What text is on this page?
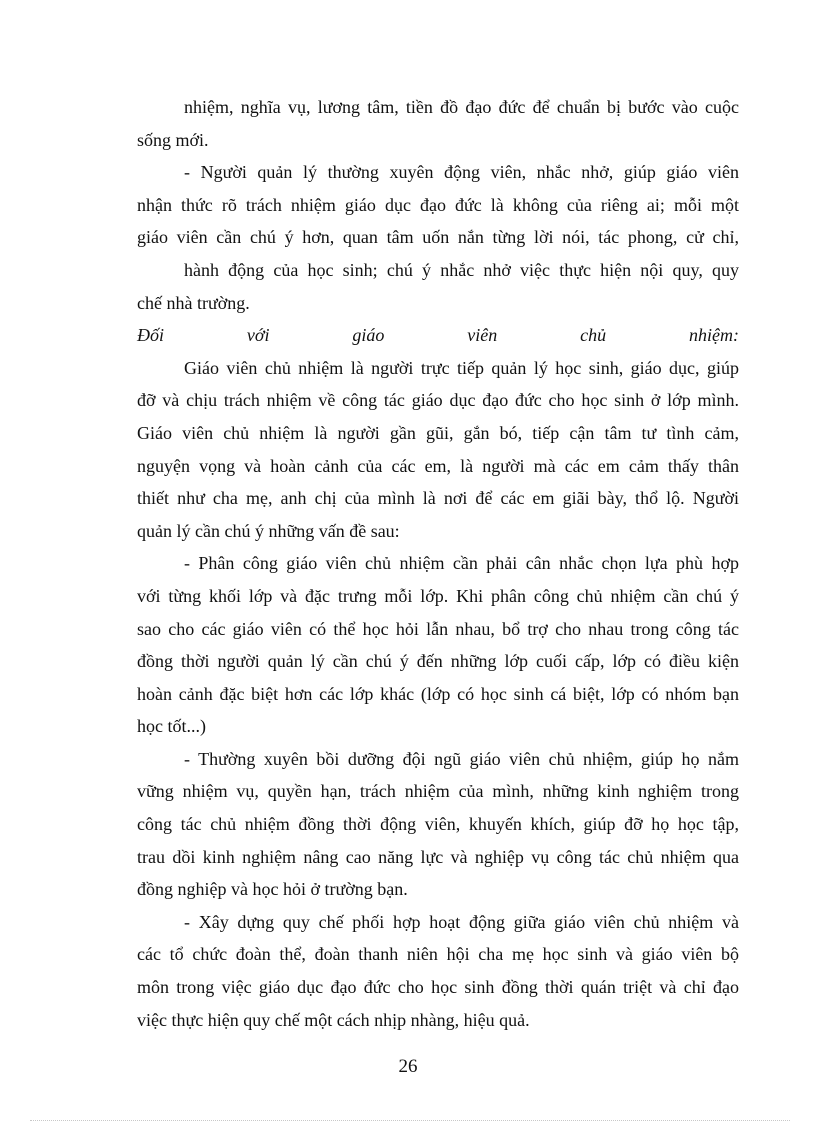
nhiệm, nghĩa vụ, lương tâm, tiền đồ đạo đức để chuẩn bị bước vào cuộc
sống mới.
- Người quản lý thường xuyên động viên, nhắc nhở, giúp giáo viên
nhận thức rõ trách nhiệm giáo dục đạo đức là không của riêng ai; mỗi một
giáo viên cần chú ý hơn, quan tâm uốn nắn từng lời nói, tác phong, cử chỉ,
hành động của học sinh; chú ý nhắc nhở việc thực hiện nội quy, quy
chế nhà trường.
Đối với giáo viên chủ nhiệm:
Giáo viên chủ nhiệm là người trực tiếp quản lý học sinh, giáo dục, giúp
đỡ và chịu trách nhiệm về công tác giáo dục đạo đức cho học sinh ở lớp mình.
Giáo viên chủ nhiệm là người gần gũi, gắn bó, tiếp cận tâm tư tình cảm,
nguyện vọng và hoàn cảnh của các em, là người mà các em cảm thấy thân
thiết như cha mẹ, anh chị của mình là nơi để các em giãi bày, thổ lộ. Người
quản lý cần chú ý những vấn đề sau:
- Phân công giáo viên chủ nhiệm cần phải cân nhắc chọn lựa phù hợp
với từng khối lớp và đặc trưng mỗi lớp. Khi phân công chủ nhiệm cần chú ý
sao cho các giáo viên có thể học hỏi lẫn nhau, bổ trợ cho nhau trong công tác
đồng thời người quản lý cần chú ý đến những lớp cuối cấp, lớp có điều kiện
hoàn cảnh đặc biệt hơn các lớp khác (lớp có học sinh cá biệt, lớp có nhóm bạn
học tốt...)
- Thường xuyên bồi dưỡng đội ngũ giáo viên chủ nhiệm, giúp họ nắm
vững nhiệm vụ, quyền hạn, trách nhiệm của mình, những kinh nghiệm trong
công tác chủ nhiệm đồng thời động viên, khuyến khích, giúp đỡ họ học tập,
trau dồi kinh nghiệm nâng cao năng lực và nghiệp vụ công tác chủ nhiệm qua
đồng nghiệp và học hỏi ở trường bạn.
- Xây dựng quy chế phối hợp hoạt động giữa giáo viên chủ nhiệm và
các tổ chức đoàn thể, đoàn thanh niên hội cha mẹ học sinh và giáo viên bộ
môn trong việc giáo dục đạo đức cho học sinh đồng thời quán triệt và chỉ đạo
việc thực hiện quy chế một cách nhịp nhàng, hiệu quả.
26
